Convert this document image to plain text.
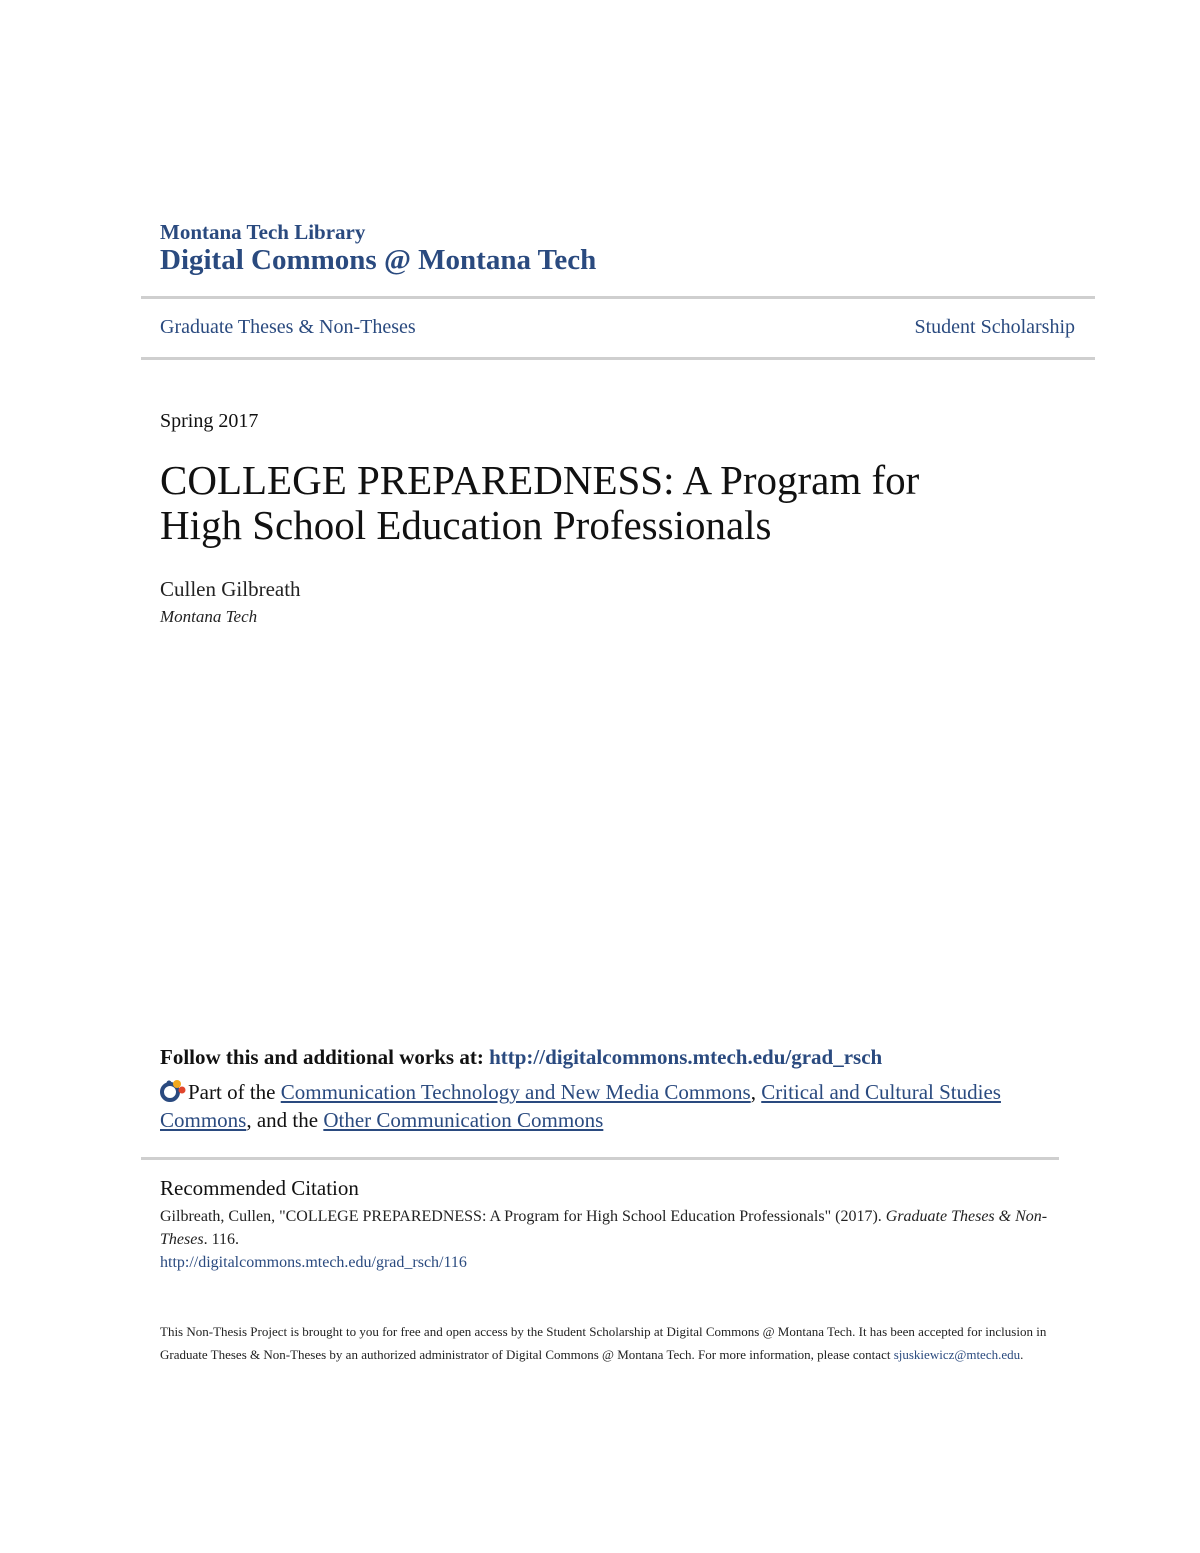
Montana Tech Library
Digital Commons @ Montana Tech
Graduate Theses & Non-Theses	Student Scholarship
Spring 2017
COLLEGE PREPAREDNESS: A Program for
High School Education Professionals
Cullen Gilbreath
Montana Tech
Follow this and additional works at: http://digitalcommons.mtech.edu/grad_rsch
Part of the Communication Technology and New Media Commons, Critical and Cultural Studies Commons, and the Other Communication Commons
Recommended Citation
Gilbreath, Cullen, "COLLEGE PREPAREDNESS: A Program for High School Education Professionals" (2017). Graduate Theses & Non-Theses. 116.
http://digitalcommons.mtech.edu/grad_rsch/116
This Non-Thesis Project is brought to you for free and open access by the Student Scholarship at Digital Commons @ Montana Tech. It has been accepted for inclusion in Graduate Theses & Non-Theses by an authorized administrator of Digital Commons @ Montana Tech. For more information, please contact sjuskiewicz@mtech.edu.
